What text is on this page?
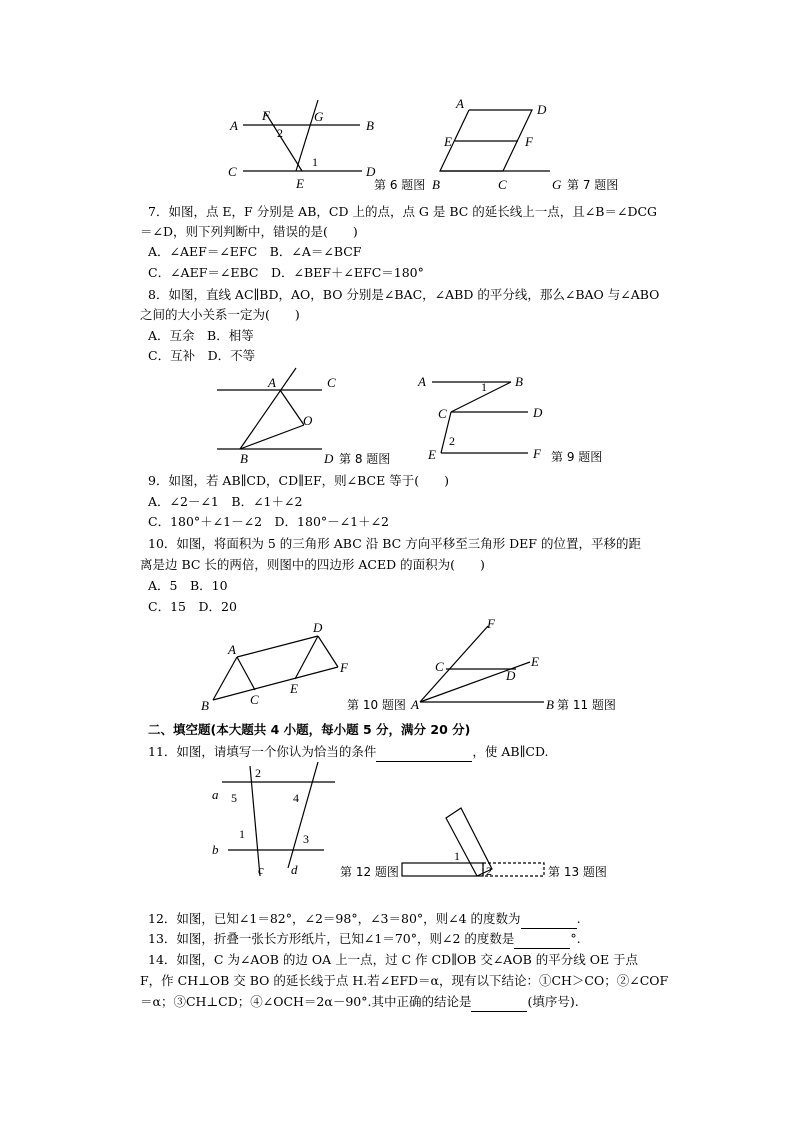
A	B
C	D
E
F	G
2
1
第 6 题图
A	D
E	F
B	C	G 第 7 题图
A	C
O
B	D 第 8 题图
A	B
C	D
E	F
1
2
第 9 题图
A
D
B	C
E
F
第 10 题图
F
C	E
D
A	B 第 11 题图
a
b
c d
2
5	4
1	3
第 12 题图
1
2	第 13 题图
7．如图，点 E，F 分别是 AB，CD 上的点，点 G 是 BC 的延长线上一点，且∠B＝∠DCG
＝∠D，则下列判断中，错误的是(　　)
A．∠AEF＝∠EFC　B．∠A＝∠BCF
C．∠AEF＝∠EBC　D．∠BEF＋∠EFC＝180°
8．如图，直线 AC∥BD，AO，BO 分别是∠BAC，∠ABD 的平分线，那么∠BAO 与∠ABO
之间的大小关系一定为(　　)
A．互余　B．相等
C．互补　D．不等
9．如图，若 AB∥CD，CD∥EF，则∠BCE 等于(　　)
A．∠2－∠1　B．∠1＋∠2
C．180°＋∠1－∠2　D．180°－∠1＋∠2
10．如图，将面积为 5 的三角形 ABC 沿 BC 方向平移至三角形 DEF 的位置，平移的距
离是边 BC 长的两倍，则图中的四边形 ACED 的面积为(　　)
A．5　B．10
C．15　D．20
二、填空题(本大题共 4 小题，每小题 5 分，满分 20 分)
11．如图，请填写一个你认为恰当的条件	，使 AB∥CD.
12．如图，已知∠1＝82°，∠2＝98°，∠3＝80°，则∠4 的度数为	.
13．如图，折叠一张长方形纸片，已知∠1＝70°，则∠2 的度数是	°.
14．如图，C 为∠AOB 的边 OA 上一点，过 C 作 CD∥OB 交∠AOB 的平分线 OE 于点
F，作 CH⊥OB 交 BO 的延长线于点 H.若∠EFD＝α，现有以下结论：①CH＞CO；②∠COF
＝α；③CH⊥CD；④∠OCH＝2α－90°.其中正确的结论是	(填序号).
